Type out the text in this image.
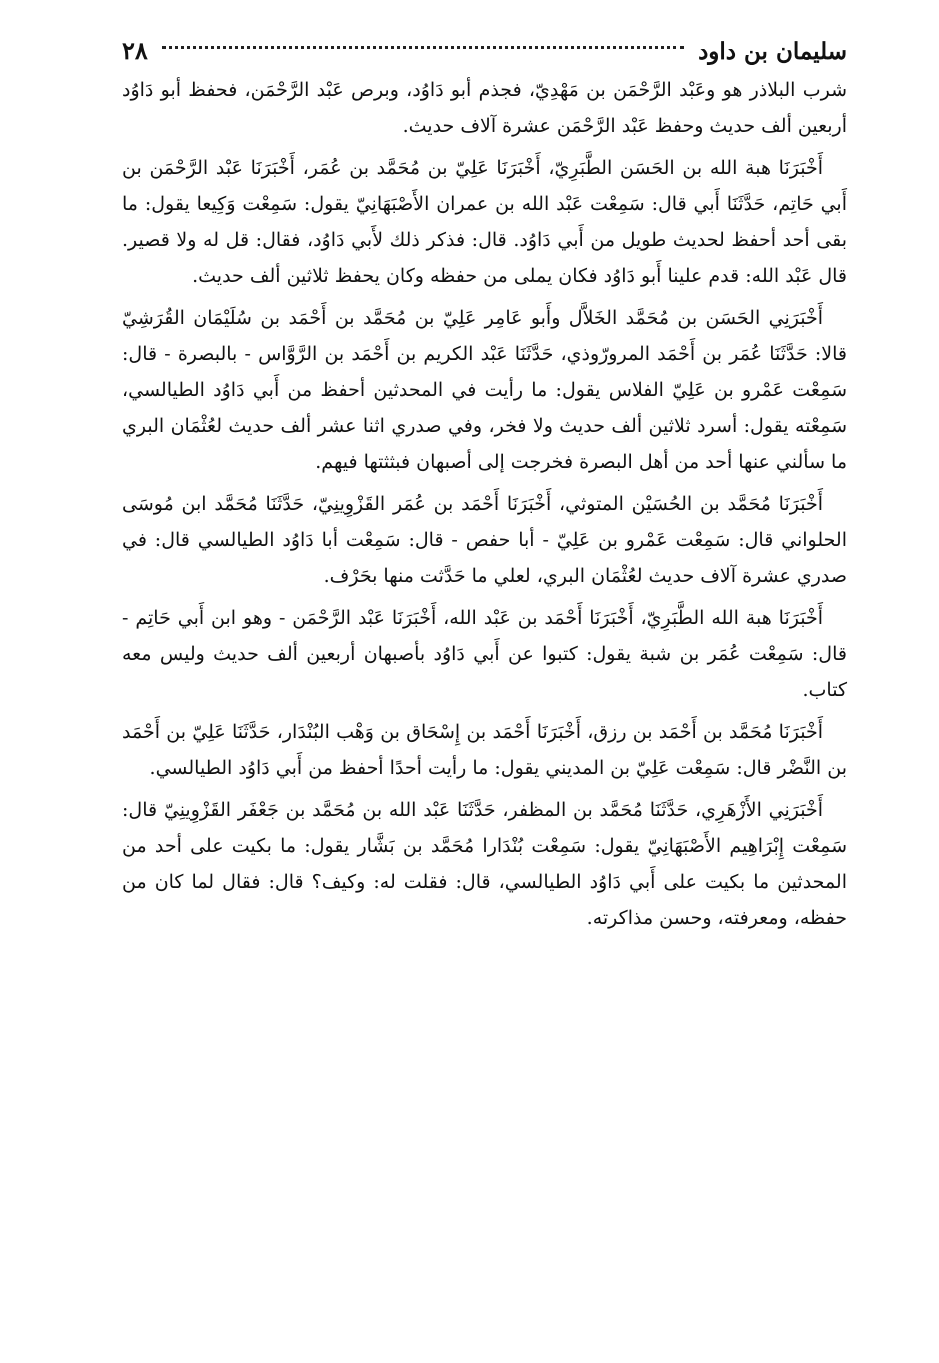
سليمان بن داود
٢٨

شرب البلاذر هو وعَبْد الرَّحْمَن بن مَهْدِيّ، فجذم أبو دَاوُد، وبرص عَبْد الرَّحْمَن، فحفظ أبو دَاوُد أربعين ألف حديث وحفظ عَبْد الرَّحْمَن عشرة آلاف حديث.

أَخْبَرَنَا هبة الله بن الحَسَن الطَّبَرِيّ، أَخْبَرَنَا عَلِيّ بن مُحَمَّد بن عُمَر، أَخْبَرَنَا عَبْد الرَّحْمَن بن أَبي حَاتِم، حَدَّثَنَا أَبي قال: سَمِعْت عَبْد الله بن عمران الأَصْبَهَانِيّ يقول: سَمِعْت وَكِيعا يقول: ما بقى أحد أحفظ لحديث طويل من أَبي دَاوُد. قال: فذكر ذلك لأَبي دَاوُد، فقال: قل له ولا قصير. قال عَبْد الله: قدم علينا أَبو دَاوُد فكان يملى من حفظه وكان يحفظ ثلاثين ألف حديث.

أَخْبَرَنِي الحَسَن بن مُحَمَّد الخَلاَّل وأَبو عَامِر عَلِيّ بن مُحَمَّد بن أَحْمَد بن سُلَيْمَان القُرَشِيّ قالا: حَدَّثَنَا عُمَر بن أَحْمَد المرورّوذي، حَدَّثَنَا عَبْد الكريم بن أَحْمَد بن الرَّوَّاس - بالبصرة - قال: سَمِعْت عَمْرو بن عَلِيّ الفلاس يقول: ما رأيت في المحدثين أحفظ من أَبي دَاوُد الطيالسي، سَمِعْته يقول: أسرد ثلاثين ألف حديث ولا فخر، وفي صدري اثنا عشر ألف حديث لعُثْمَان البري ما سألني عنها أحد من أهل البصرة فخرجت إلى أصبهان فبثثتها فيهم.

أَخْبَرَنَا مُحَمَّد بن الحُسَيْن المتوثي، أَخْبَرَنَا أَحْمَد بن عُمَر القَزْوِينِيّ، حَدَّثَنَا مُحَمَّد ابن مُوسَى الحلواني قال: سَمِعْت عَمْرو بن عَلِيّ - أبا حفص - قال: سَمِعْت أبا دَاوُد الطيالسي قال: في صدري عشرة آلاف حديث لعُثْمَان البري، لعلي ما حَدَّثت منها بحَرْف.

أَخْبَرَنَا هبة الله الطَّبَرِيّ، أَخْبَرَنَا أَحْمَد بن عَبْد الله، أَخْبَرَنَا عَبْد الرَّحْمَن - وهو ابن أَبي حَاتِم - قال: سَمِعْت عُمَر بن شبة يقول: كتبوا عن أَبي دَاوُد بأصبهان أربعين ألف حديث وليس معه كتاب.

أَخْبَرَنَا مُحَمَّد بن أَحْمَد بن رزق، أَخْبَرَنَا أَحْمَد بن إِسْحَاق بن وَهْب البُنْدَار، حَدَّثَنَا عَلِيّ بن أَحْمَد بن النَّضْر قال: سَمِعْت عَلِيّ بن المديني يقول: ما رأيت أحدًا أحفظ من أَبي دَاوُد الطيالسي.

أَخْبَرَنِي الأَزْهَرِي، حَدَّثَنَا مُحَمَّد بن المظفر، حَدَّثَنَا عَبْد الله بن مُحَمَّد بن جَعْفَر القَزْوِينِيّ قال: سَمِعْت إِبْرَاهِيم الأَصْبَهَانِيّ يقول: سَمِعْت بُنْدَارا مُحَمَّد بن بَشَّار يقول: ما بكيت على أحد من المحدثين ما بكيت على أَبي دَاوُد الطيالسي، قال: فقلت له: وكيف؟ قال: فقال لما كان من حفظه، ومعرفته، وحسن مذاكرته.
